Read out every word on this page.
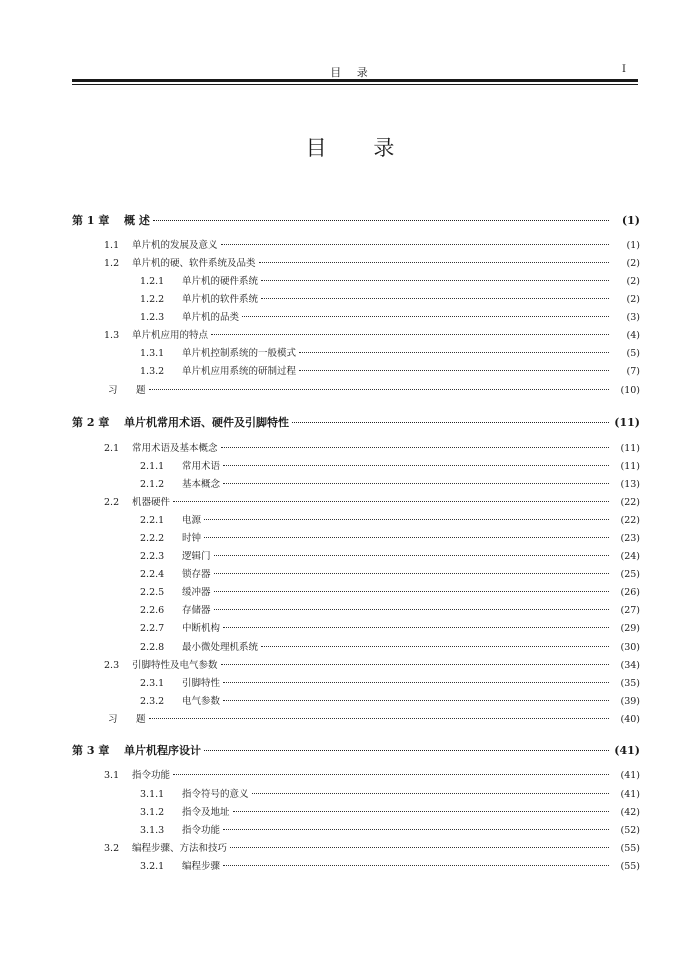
目 录	I
目 录
第 1 章 概 述	(1)
1.1 单片机的发展及意义	(1)
1.2 单片机的硬、软件系统及品类	(2)
1.2.1 单片机的硬件系统	(2)
1.2.2 单片机的软件系统	(2)
1.2.3 单片机的品类	(3)
1.3 单片机应用的特点	(4)
1.3.1 单片机控制系统的一般模式	(5)
1.3.2 单片机应用系统的研制过程	(7)
习 题	(10)
第 2 章 单片机常用术语、硬件及引脚特性	(11)
2.1 常用术语及基本概念	(11)
2.1.1 常用术语	(11)
2.1.2 基本概念	(13)
2.2 机器硬件	(22)
2.2.1 电源	(22)
2.2.2 时钟	(23)
2.2.3 逻辑门	(24)
2.2.4 锁存器	(25)
2.2.5 缓冲器	(26)
2.2.6 存储器	(27)
2.2.7 中断机构	(29)
2.2.8 最小微处理机系统	(30)
2.3 引脚特性及电气参数	(34)
2.3.1 引脚特性	(35)
2.3.2 电气参数	(39)
习 题	(40)
第 3 章 单片机程序设计	(41)
3.1 指令功能	(41)
3.1.1 指令符号的意义	(41)
3.1.2 指令及地址	(42)
3.1.3 指令功能	(52)
3.2 编程步骤、方法和技巧	(55)
3.2.1 编程步骤	(55)
